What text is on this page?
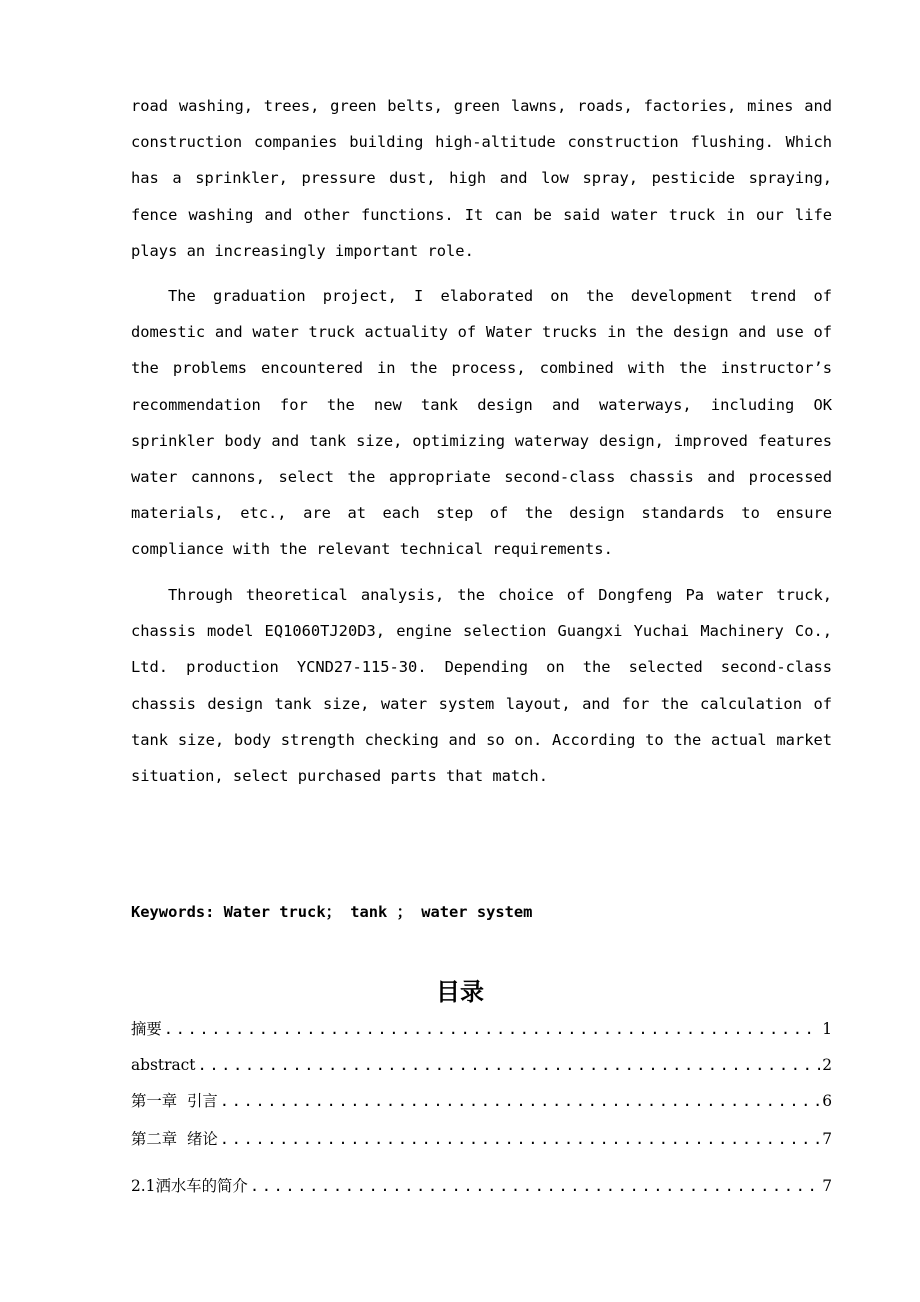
road washing, trees, green belts, green lawns, roads, factories, mines and construction companies building high-altitude construction flushing. Which has a sprinkler, pressure dust, high and low spray, pesticide spraying, fence washing and other functions. It can be said water truck in our life plays an increasingly important role.

The graduation project, I elaborated on the development trend of domestic and water truck actuality of Water trucks in the design and use of the problems encountered in the process, combined with the instructor’s recommendation for the new tank design and waterways, including OK sprinkler body and tank size, optimizing waterway design, improved features water cannons, select the appropriate second-class chassis and processed materials, etc., are at each step of the design standards to ensure compliance with the relevant technical requirements.

Through theoretical analysis, the choice of Dongfeng Pa water truck, chassis model EQ1060TJ20D3, engine selection Guangxi Yuchai Machinery Co., Ltd. production YCND27-115-30. Depending on the selected second-class chassis design tank size, water system layout, and for the calculation of tank size, body strength checking and so on. According to the actual market situation, select purchased parts that match.

Keywords: Water truck； tank ； water system
目录
摘要 .....	1
abstract .....	2
第一章  引言 .....	6
第二章  绪论 .....	7
2.1洒水车的简介 .....	7
